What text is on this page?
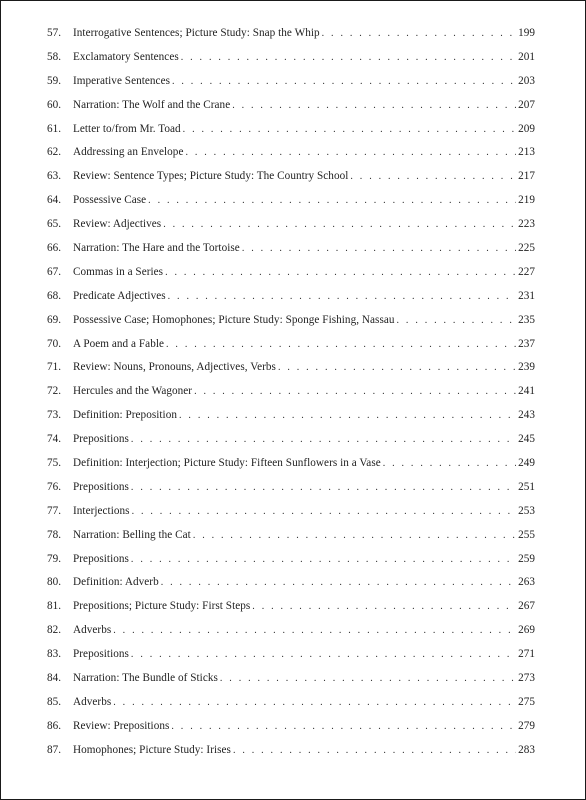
57.	Interrogative Sentences; Picture Study: Snap the Whip . . .	199
58.	Exclamatory Sentences . . .	201
59.	Imperative Sentences . . .	203
60.	Narration: The Wolf and the Crane . . .	207
61.	Letter to/from Mr. Toad . . .	209
62.	Addressing an Envelope . . .	213
63.	Review: Sentence Types; Picture Study: The Country School . . .	217
64.	Possessive Case . . .	219
65.	Review: Adjectives . . .	223
66.	Narration: The Hare and the Tortoise . . .	225
67.	Commas in a Series . . .	227
68.	Predicate Adjectives . . .	231
69.	Possessive Case; Homophones; Picture Study: Sponge Fishing, Nassau . . .	235
70.	A Poem and a Fable . . .	237
71.	Review: Nouns, Pronouns, Adjectives, Verbs . . .	239
72.	Hercules and the Wagoner . . .	241
73.	Definition: Preposition . . .	243
74.	Prepositions . . .	245
75.	Definition: Interjection; Picture Study: Fifteen Sunflowers in a Vase . . .	249
76.	Prepositions . . .	251
77.	Interjections . . .	253
78.	Narration: Belling the Cat . . .	255
79.	Prepositions . . .	259
80.	Definition: Adverb . . .	263
81.	Prepositions; Picture Study: First Steps . . .	267
82.	Adverbs . . .	269
83.	Prepositions . . .	271
84.	Narration: The Bundle of Sticks . . .	273
85.	Adverbs . . .	275
86.	Review: Prepositions . . .	279
87.	Homophones; Picture Study: Irises . . .	283
